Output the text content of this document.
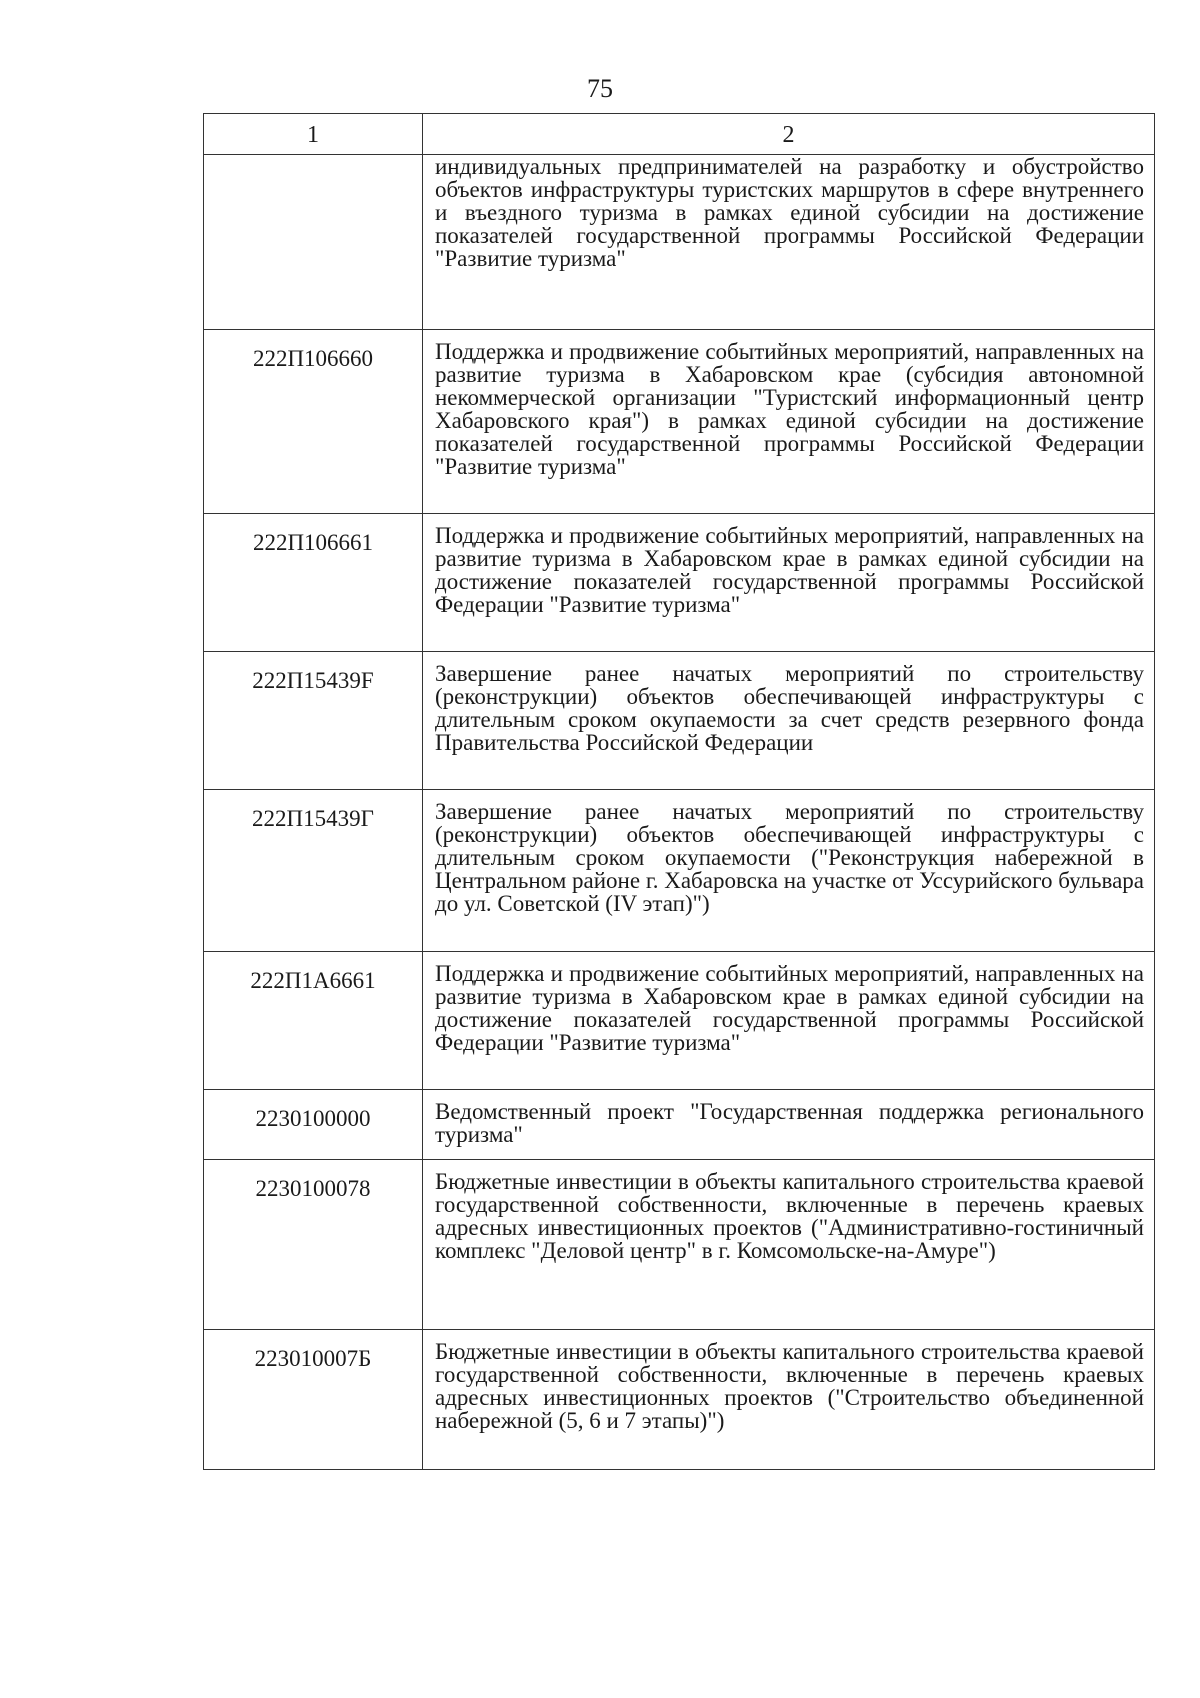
75
1	2
	индивидуальных предпринимателей на разработку и обустройство объектов инфраструктуры туристских маршрутов в сфере внутреннего и въездного туризма в рамках единой субсидии на достижение показателей государственной программы Российской Федерации "Развитие туризма"
222П106660	Поддержка и продвижение событийных мероприятий, направленных на развитие туризма в Хабаровском крае (субсидия автономной некоммерческой организации "Туристский информационный центр Хабаровского края") в рамках единой субсидии на достижение показателей государственной программы Российской Федерации "Развитие туризма"
222П106661	Поддержка и продвижение событийных мероприятий, направленных на развитие туризма в Хабаровском крае в рамках единой субсидии на достижение показателей государственной программы Российской Федерации "Развитие туризма"
222П15439F	Завершение ранее начатых мероприятий по строительству (реконструкции) объектов обеспечивающей инфраструктуры с длительным сроком окупаемости за счет средств резервного фонда Правительства Российской Федерации
222П15439Г	Завершение ранее начатых мероприятий по строительству (реконструкции) объектов обеспечивающей инфраструктуры с длительным сроком окупаемости ("Реконструкция набережной в Центральном районе г. Хабаровска на участке от Уссурийского бульвара до ул. Советской (IV этап)")
222П1А6661	Поддержка и продвижение событийных мероприятий, направленных на развитие туризма в Хабаровском крае в рамках единой субсидии на достижение показателей государственной программы Российской Федерации "Развитие туризма"
2230100000	Ведомственный проект "Государственная поддержка регионального туризма"
2230100078	Бюджетные инвестиции в объекты капитального строительства краевой государственной собственности, включенные в перечень краевых адресных инвестиционных проектов ("Административно-гостиничный комплекс "Деловой центр" в г. Комсомольске-на-Амуре")
223010007Б	Бюджетные инвестиции в объекты капитального строительства краевой государственной собственности, включенные в перечень краевых адресных инвестиционных проектов ("Строительство объединенной набережной (5, 6 и 7 этапы)")
